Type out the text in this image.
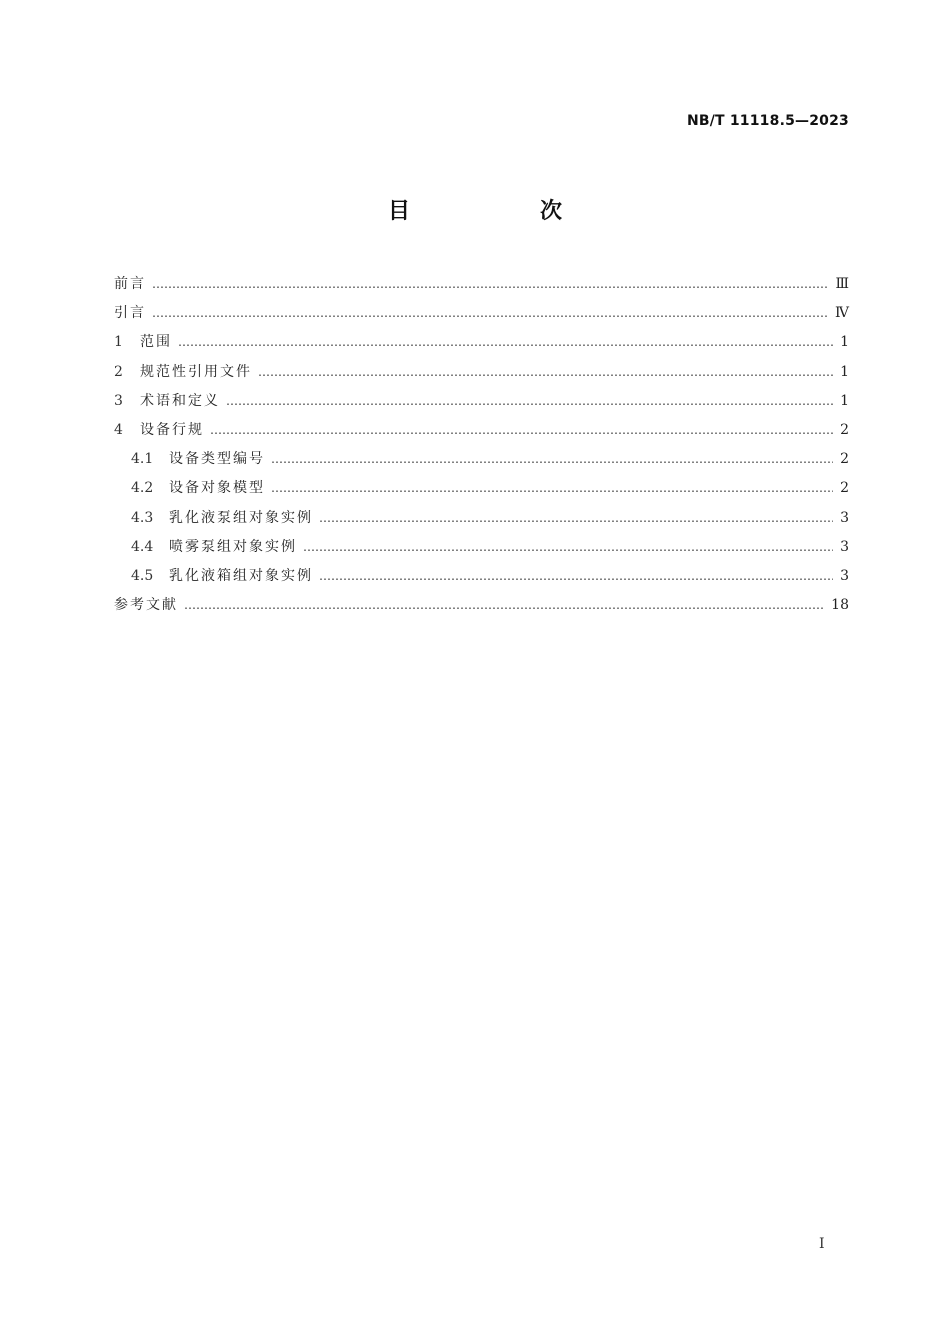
NB/T 11118.5—2023
目　次
前言 ………………………………………………………………………………………………………………………………………………………………………………………………………………………………………………………………………………	Ⅲ
引言 ………………………………………………………………………………………………………………………………………………………………………………………………………………………………………………………………………………	Ⅳ
1	范围 ………………………………………………………………………………………………………………………………………………………………………………………………………………………………………………………………………………	1
2	规范性引用文件 ………………………………………………………………………………………………………………………………………………………………………………………………………………………………………………………………………………	1
3	术语和定义 ………………………………………………………………………………………………………………………………………………………………………………………………………………………………………………………………………………	1
4	设备行规 ………………………………………………………………………………………………………………………………………………………………………………………………………………………………………………………………………………	2
4.1	设备类型编号 ………………………………………………………………………………………………………………………………………………………………………………………………………………………………………………………………………………	2
4.2	设备对象模型 ………………………………………………………………………………………………………………………………………………………………………………………………………………………………………………………………………………	2
4.3	乳化液泵组对象实例 ………………………………………………………………………………………………………………………………………………………………………………………………………………………………………………………………………………	3
4.4	喷雾泵组对象实例 ………………………………………………………………………………………………………………………………………………………………………………………………………………………………………………………………………………	3
4.5	乳化液箱组对象实例 ………………………………………………………………………………………………………………………………………………………………………………………………………………………………………………………………………………	3
参考文献 ………………………………………………………………………………………………………………………………………………………………………………………………………………………………………………………………………………	18
I
